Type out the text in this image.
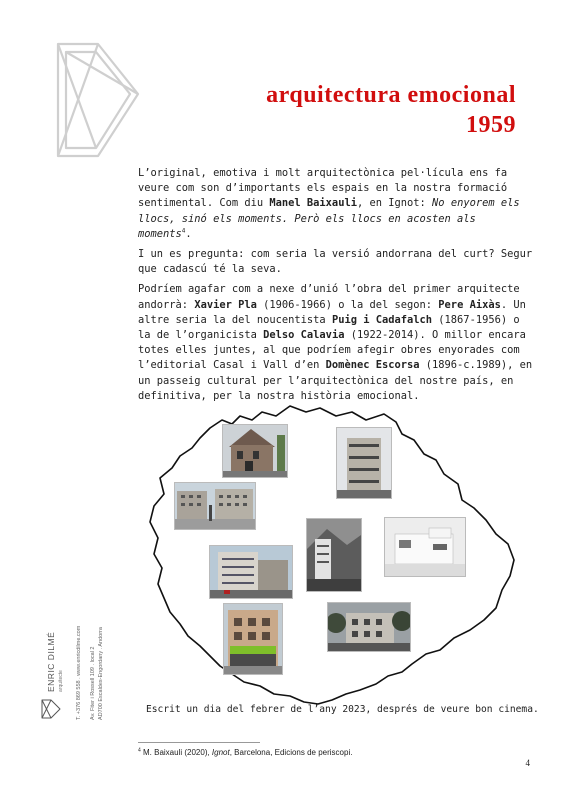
arquitectura emocional
1959

L’original, emotiva i molt arquitectònica pel·lícula ens fa veure com son d’importants els espais en la nostra formació sentimental. Com diu Manel Baixauli, en Ignot: No enyorem els llocs, sinó els moments. Però els llocs en acosten als moments$^4$.

I un es pregunta: com seria la versió andorrana del curt? Segur que cadascú té la seva.

Podríem agafar com a nexe d’unió l’obra del primer arquitecte andorrà: Xavier Pla (1906-1966) o la del segon: Pere Aixàs. Un altre seria la del noucentista Puig i Cadafalch (1867-1956) o la de l’organicista Delso Calavia (1922-2014). O millor encara totes elles juntes, al que podríem afegir obres enyorades com l’editorial Casal i Vall d’en Domènec Escorsa (1896-c.1989), en un passeig cultural per l’arquitectònica del nostre país, en definitiva, per la nostra història emocional.

Escrit un dia del febrer de l’any 2023, després de veure bon cinema.
$^4$ M. Baixauli (2020), Ignot, Barcelona, Edicions de periscopi.
4
ENRIC DILMÉ arquitecte T. +376 869 558 . www.enricdilme.com Av. Fiter i Rossell 109 . local 2 AD700 Escaldes-Engordany . Andorra
